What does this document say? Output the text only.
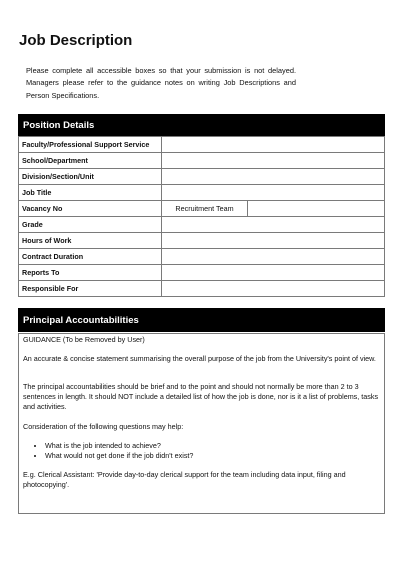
Job Description

Please complete all accessible boxes so that your submission is not delayed. Managers please refer to the guidance notes on writing Job Descriptions and Person Specifications.

Position Details
Faculty/Professional Support Service		
School/Department		
Division/Section/Unit		
Job Title		
Vacancy No	Recruitment Team	
Grade		
Hours of Work		
Contract Duration		
Reports To		
Responsible For		
Principal Accountabilities

GUIDANCE (To be Removed by User)

An accurate & concise statement summarising the overall purpose of the job from the University's point of view.

The principal accountabilities should be brief and to the point and should not normally be more than 2 to 3 sentences in length. It should NOT include a detailed list of how the job is done, nor is it a list of problems, tasks and activities.

Consideration of the following questions may help:

• What is the job intended to achieve?
• What would not get done if the job didn't exist?

E.g. Clerical Assistant: 'Provide day-to-day clerical support for the team including data input, filing and photocopying'.
